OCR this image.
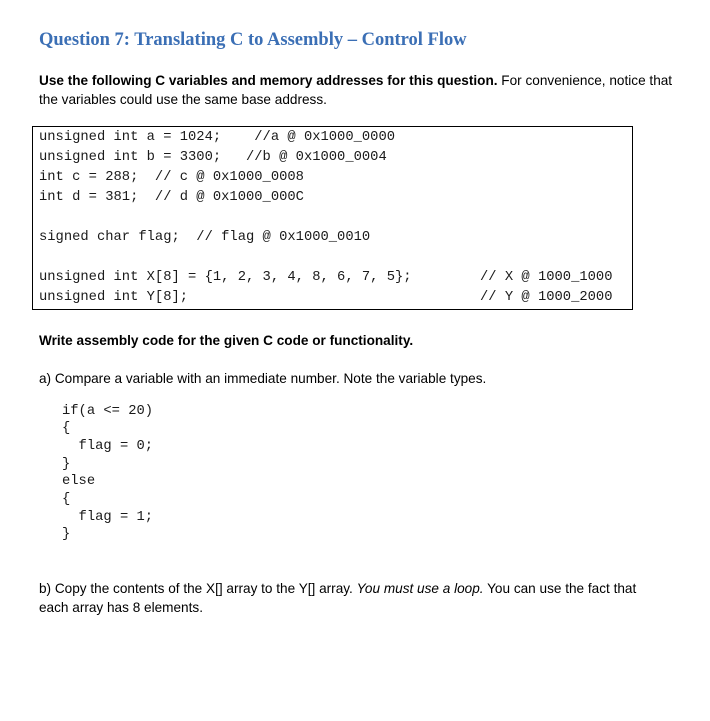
Question 7: Translating C to Assembly – Control Flow

Use the following C variables and memory addresses for this question. For convenience, notice that the variables could use the same base address.

unsigned int a = 1024;    //a @ 0x1000_0000
unsigned int b = 3300;   //b @ 0x1000_0004
int c = 288;  // c @ 0x1000_0008
int d = 381;  // d @ 0x1000_000C
signed char flag;  // flag @ 0x1000_0010
unsigned int X[8] = {1, 2, 3, 4, 8, 6, 7, 5};	// X @ 1000_1000
unsigned int Y[8];	// Y @ 1000_2000

Write assembly code for the given C code or functionality.

a) Compare a variable with an immediate number. Note the variable types.

if(a <= 20)
{
flag = 0;
}
else
{
flag = 1;
}

b) Copy the contents of the X[] array to the Y[] array. You must use a loop. You can use the fact that each array has 8 elements.
